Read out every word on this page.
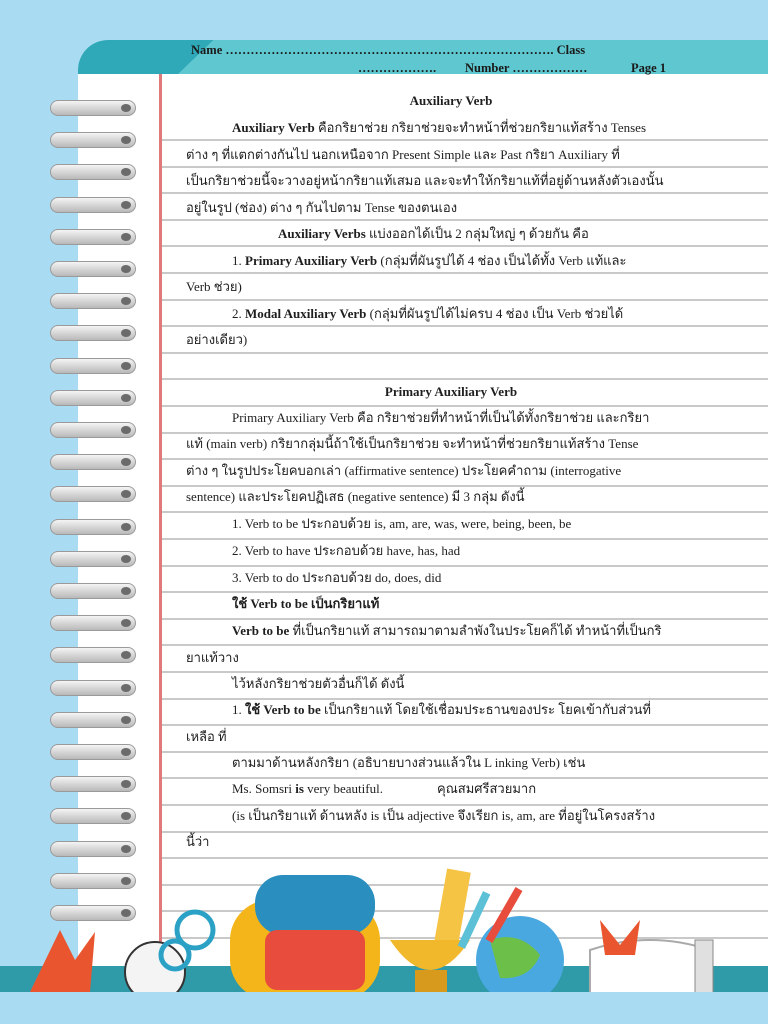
Name ……………………………………………………………………. Class
………………. Number ………………	Page 1
Auxiliary Verb
Auxiliary Verb คือกริยาช่วย กริยาช่วยจะทำหน้าที่ช่วยกริยาแท้สร้าง Tenses
ต่าง ๆ ที่แตกต่างกันไป นอกเหนือจาก Present Simple และ Past กริยา Auxiliary ที่
เป็นกริยาช่วยนี้จะวางอยู่หน้ากริยาแท้เสมอ และจะทำให้กริยาแท้ที่อยู่ด้านหลังตัวเองนั้น
อยู่ในรูป (ช่อง) ต่าง ๆ กันไปตาม Tense ของตนเอง
Auxiliary Verbs แบ่งออกได้เป็น 2 กลุ่มใหญ่ ๆ ด้วยกัน คือ
1. Primary Auxiliary Verb (กลุ่มที่ผันรูปได้ 4 ช่อง เป็นได้ทั้ง Verb แท้และ
Verb ช่วย)
2. Modal Auxiliary Verb (กลุ่มที่ผันรูปได้ไม่ครบ 4 ช่อง เป็น Verb ช่วยได้
อย่างเดียว)
Primary Auxiliary Verb
Primary Auxiliary Verb คือ กริยาช่วยที่ทำหน้าที่เป็นได้ทั้งกริยาช่วย และกริยา
แท้ (main verb) กริยากลุ่มนี้ถ้าใช้เป็นกริยาช่วย จะทำหน้าที่ช่วยกริยาแท้สร้าง Tense
ต่าง ๆ ในรูปประโยคบอกเล่า (affirmative sentence) ประโยคคำถาม (interrogative
sentence) และประโยคปฏิเสธ (negative sentence) มี 3 กลุ่ม ดังนี้
1. Verb to be ประกอบด้วย is, am, are, was, were, being, been, be
2. Verb to have ประกอบด้วย have, has, had
3. Verb to do ประกอบด้วย do, does, did
ใช้ Verb to be เป็นกริยาแท้
Verb to be ที่เป็นกริยาแท้ สามารถมาตามลำพังในประโยคก็ได้ ทำหน้าที่เป็นกริ
ยาแท้วาง
ไว้หลังกริยาช่วยตัวอื่นก็ได้ ดังนี้
1. ใช้ Verb to be เป็นกริยาแท้ โดยใช้เชื่อมประธานของประ โยคเข้ากับส่วนที่
เหลือ ที่
ตามมาด้านหลังกริยา (อธิบายบางส่วนแล้วใน L inking Verb) เช่น
Ms. Somsri is very beautiful.	คุณสมศรีสวยมาก
(is เป็นกริยาแท้ ด้านหลัง is เป็น adjective จึงเรียก is, am, are ที่อยู่ในโครงสร้าง
นี้ว่า
